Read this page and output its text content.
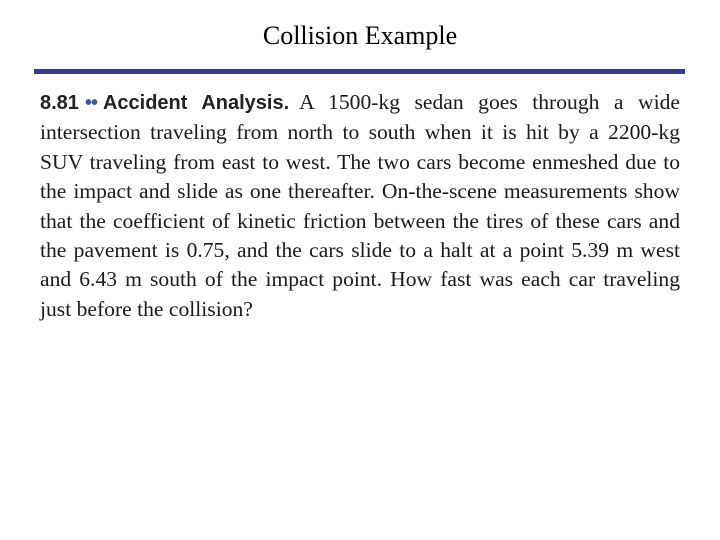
Collision Example
8.81 •• Accident Analysis. A 1500-kg sedan goes through a wide intersection traveling from north to south when it is hit by a 2200-kg SUV traveling from east to west. The two cars become enmeshed due to the impact and slide as one thereafter. On-the-scene measurements show that the coefficient of kinetic friction between the tires of these cars and the pavement is 0.75, and the cars slide to a halt at a point 5.39 m west and 6.43 m south of the impact point. How fast was each car traveling just before the collision?
